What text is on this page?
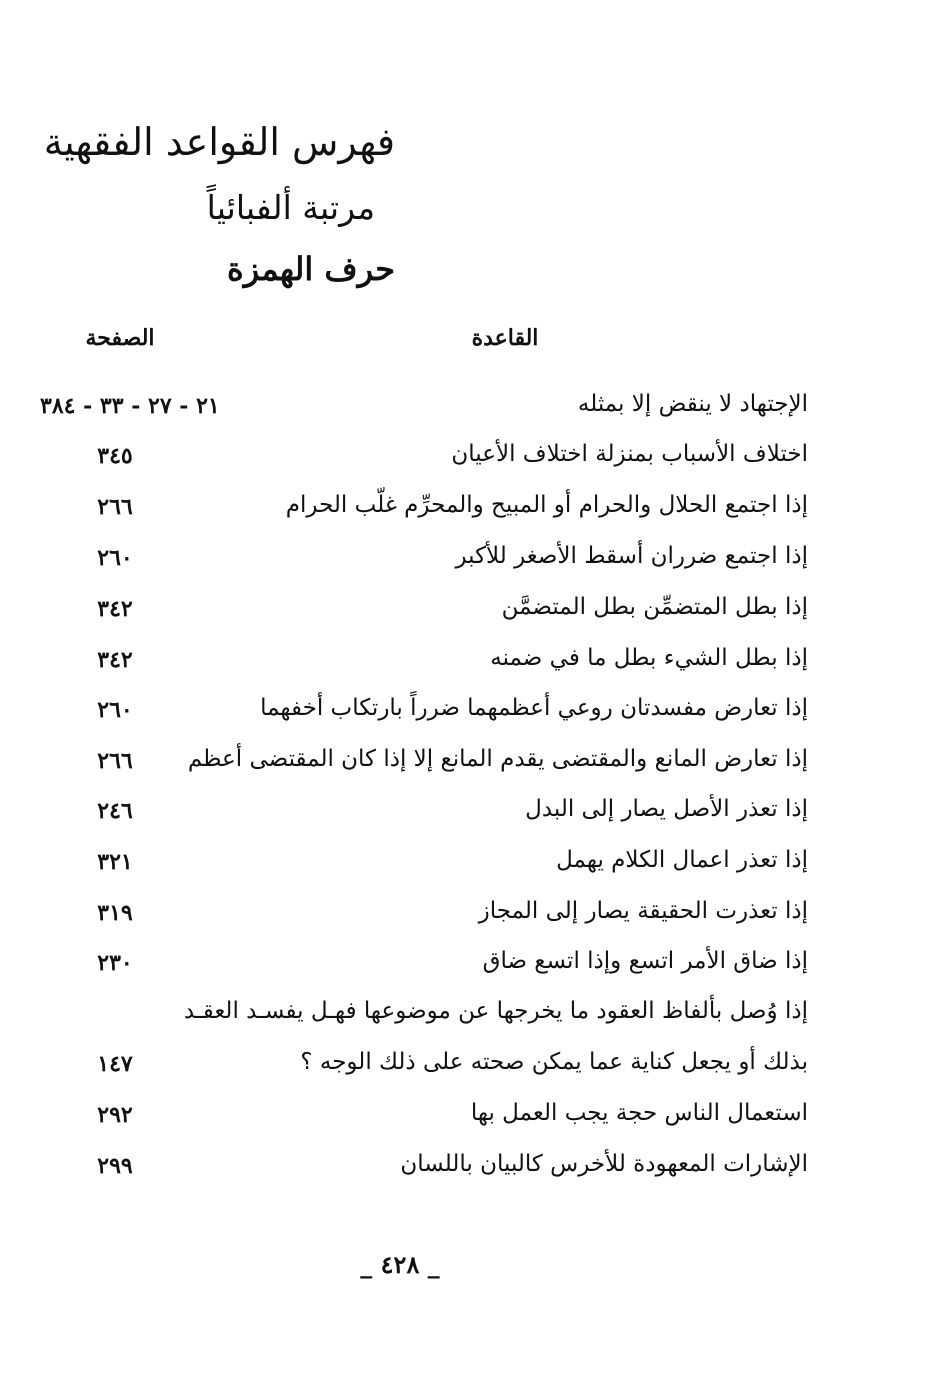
فهرس القواعد الفقهية
مرتبة ألفبائياً
حرف الهمزة
القاعدة
الصفحة
الإجتهاد لا ينقض إلا بمثله
٢١ - ٢٧ - ٣٣ - ٣٨٤
اختلاف الأسباب بمنزلة اختلاف الأعيان
٣٤٥
إذا اجتمع الحلال والحرام أو المبيح والمحرِّم غلّب الحرام
٢٦٦
إذا اجتمع ضرران أسقط الأصغر للأكبر
٢٦٠
إذا بطل المتضمِّن بطل المتضمَّن
٣٤٢
إذا بطل الشيء بطل ما في ضمنه
٣٤٢
إذا تعارض مفسدتان روعي أعظمهما ضرراً بارتكاب أخفهما
٢٦٠
إذا تعارض المانع والمقتضى يقدم المانع إلا إذا كان المقتضى أعظم
٢٦٦
إذا تعذر الأصل يصار إلى البدل
٢٤٦
إذا تعذر اعمال الكلام يهمل
٣٢١
إذا تعذرت الحقيقة يصار إلى المجاز
٣١٩
إذا ضاق الأمر اتسع وإذا اتسع ضاق
٢٣٠
إذا وُصل بألفاظ العقود ما يخرجها عن موضوعها فهـل يفسـد العقـد
بذلك أو يجعل كناية عما يمكن صحته على ذلك الوجه ؟
١٤٧
استعمال الناس حجة يجب العمل بها
٢٩٢
الإشارات المعهودة للأخرس كالبيان باللسان
٢٩٩
_ ٤٢٨ _
